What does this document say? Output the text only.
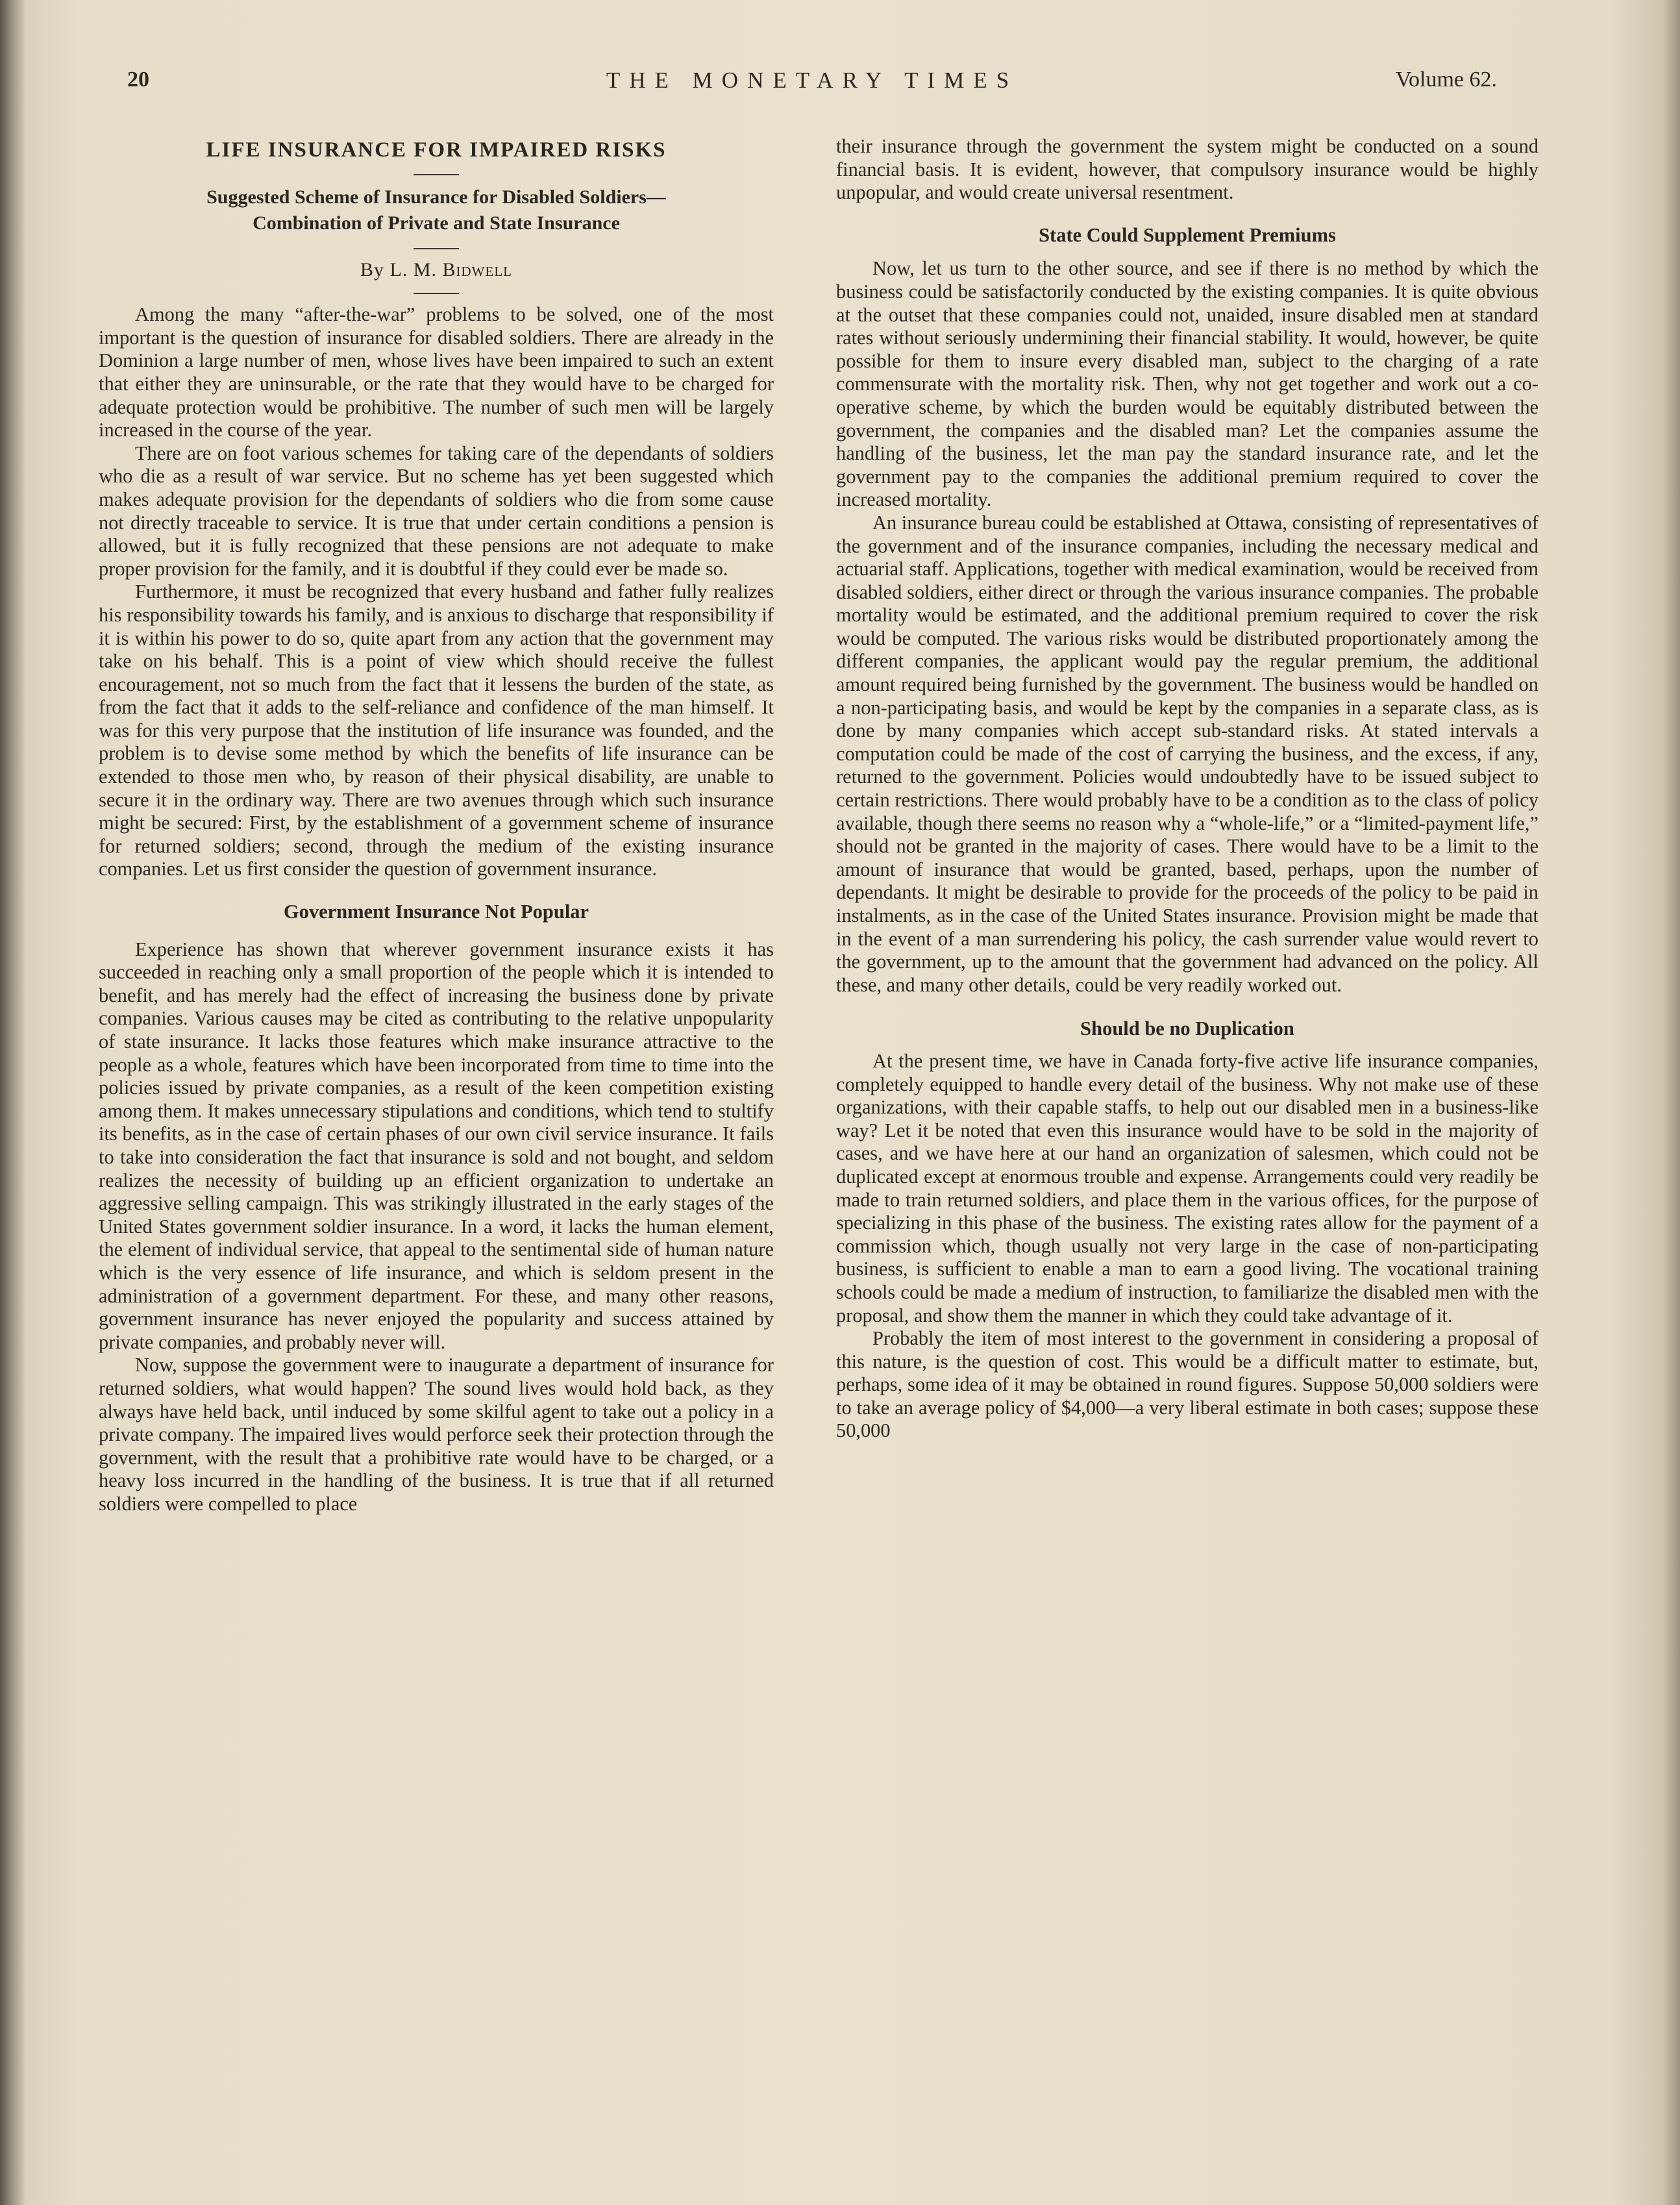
20	THE MONETARY TIMES	Volume 62.
LIFE INSURANCE FOR IMPAIRED RISKS
Suggested Scheme of Insurance for Disabled Soldiers—
Combination of Private and State Insurance
By L. M. Bidwell

Among the many “after-the-war” problems to be solved, one of the most important is the question of insurance for disabled soldiers. There are already in the Dominion a large number of men, whose lives have been impaired to such an extent that either they are uninsurable, or the rate that they would have to be charged for adequate protection would be prohibitive. The number of such men will be largely increased in the course of the year.

There are on foot various schemes for taking care of the dependants of soldiers who die as a result of war service. But no scheme has yet been suggested which makes adequate provision for the dependants of soldiers who die from some cause not directly traceable to service. It is true that under certain conditions a pension is allowed, but it is fully recognized that these pensions are not adequate to make proper provision for the family, and it is doubtful if they could ever be made so.

Furthermore, it must be recognized that every husband and father fully realizes his responsibility towards his family, and is anxious to discharge that responsibility if it is within his power to do so, quite apart from any action that the government may take on his behalf. This is a point of view which should receive the fullest encouragement, not so much from the fact that it lessens the burden of the state, as from the fact that it adds to the self-reliance and confidence of the man himself. It was for this very purpose that the institution of life insurance was founded, and the problem is to devise some method by which the benefits of life insurance can be extended to those men who, by reason of their physical disability, are unable to secure it in the ordinary way. There are two avenues through which such insurance might be secured: First, by the establishment of a government scheme of insurance for returned soldiers; second, through the medium of the existing insurance companies. Let us first consider the question of government insurance.

Government Insurance Not Popular

Experience has shown that wherever government insurance exists it has succeeded in reaching only a small proportion of the people which it is intended to benefit, and has merely had the effect of increasing the business done by private companies. Various causes may be cited as contributing to the relative unpopularity of state insurance. It lacks those features which make insurance attractive to the people as a whole, features which have been incorporated from time to time into the policies issued by private companies, as a result of the keen competition existing among them. It makes unnecessary stipulations and conditions, which tend to stultify its benefits, as in the case of certain phases of our own civil service insurance. It fails to take into consideration the fact that insurance is sold and not bought, and seldom realizes the necessity of building up an efficient organization to undertake an aggressive selling campaign. This was strikingly illustrated in the early stages of the United States government soldier insurance. In a word, it lacks the human element, the element of individual service, that appeal to the sentimental side of human nature which is the very essence of life insurance, and which is seldom present in the administration of a government department. For these, and many other reasons, government insurance has never enjoyed the popularity and success attained by private companies, and probably never will.

Now, suppose the government were to inaugurate a department of insurance for returned soldiers, what would happen? The sound lives would hold back, as they always have held back, until induced by some skilful agent to take out a policy in a private company. The impaired lives would perforce seek their protection through the government, with the result that a prohibitive rate would have to be charged, or a heavy loss incurred in the handling of the business. It is true that if all returned soldiers were compelled to place

their insurance through the government the system might be conducted on a sound financial basis. It is evident, however, that compulsory insurance would be highly unpopular, and would create universal resentment.

State Could Supplement Premiums

Now, let us turn to the other source, and see if there is no method by which the business could be satisfactorily conducted by the existing companies. It is quite obvious at the outset that these companies could not, unaided, insure disabled men at standard rates without seriously undermining their financial stability. It would, however, be quite possible for them to insure every disabled man, subject to the charging of a rate commensurate with the mortality risk. Then, why not get together and work out a co-operative scheme, by which the burden would be equitably distributed between the government, the companies and the disabled man? Let the companies assume the handling of the business, let the man pay the standard insurance rate, and let the government pay to the companies the additional premium required to cover the increased mortality.

An insurance bureau could be established at Ottawa, consisting of representatives of the government and of the insurance companies, including the necessary medical and actuarial staff. Applications, together with medical examination, would be received from disabled soldiers, either direct or through the various insurance companies. The probable mortality would be estimated, and the additional premium required to cover the risk would be computed. The various risks would be distributed proportionately among the different companies, the applicant would pay the regular premium, the additional amount required being furnished by the government. The business would be handled on a non-participating basis, and would be kept by the companies in a separate class, as is done by many companies which accept sub-standard risks. At stated intervals a computation could be made of the cost of carrying the business, and the excess, if any, returned to the government. Policies would undoubtedly have to be issued subject to certain restrictions. There would probably have to be a condition as to the class of policy available, though there seems no reason why a “whole-life,” or a “limited-payment life,” should not be granted in the majority of cases. There would have to be a limit to the amount of insurance that would be granted, based, perhaps, upon the number of dependants. It might be desirable to provide for the proceeds of the policy to be paid in instalments, as in the case of the United States insurance. Provision might be made that in the event of a man surrendering his policy, the cash surrender value would revert to the government, up to the amount that the government had advanced on the policy. All these, and many other details, could be very readily worked out.

Should be no Duplication

At the present time, we have in Canada forty-five active life insurance companies, completely equipped to handle every detail of the business. Why not make use of these organizations, with their capable staffs, to help out our disabled men in a business-like way? Let it be noted that even this insurance would have to be sold in the majority of cases, and we have here at our hand an organization of salesmen, which could not be duplicated except at enormous trouble and expense. Arrangements could very readily be made to train returned soldiers, and place them in the various offices, for the purpose of specializing in this phase of the business. The existing rates allow for the payment of a commission which, though usually not very large in the case of non-participating business, is sufficient to enable a man to earn a good living. The vocational training schools could be made a medium of instruction, to familiarize the disabled men with the proposal, and show them the manner in which they could take advantage of it.

Probably the item of most interest to the government in considering a proposal of this nature, is the question of cost. This would be a difficult matter to estimate, but, perhaps, some idea of it may be obtained in round figures. Suppose 50,000 soldiers were to take an average policy of $4,000—a very liberal estimate in both cases; suppose these 50,000
